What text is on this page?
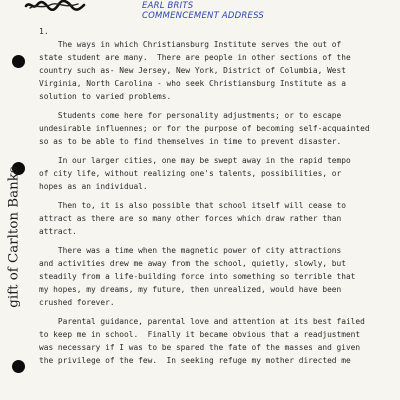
EARL BRITS
COMMENCEMENT ADDRESS
1.
gift of Carlton Banks
The ways in which Christiansburg Institute serves the out of
state student are many.  There are people in other sections of the
country such as- New Jersey, New York, District of Columbia, West
Virginia, North Carolina - who seek Christiansburg Institute as a
solution to varied problems.
Students come here for personality adjustments; or to escape
undesirable influennes; or for the purpose of becoming self-acquainted
so as to be able to find themselves in time to prevent disaster.
In our larger cities, one may be swept away in the rapid tempo
of city life, without realizing one's talents, possibilities, or
hopes as an individual.
Then to, it is also possible that school itself will cease to
attract as there are so many other forces which draw rather than
attract.
There was a time when the magnetic power of city attractions
and activities drew me away from the school, quietly, slowly, but
steadily from a life-building force into something so terrible that
my hopes, my dreams, my future, then unrealized, would have been
crushed forever.
Parental guidance, parental love and attention at its best failed
to keep me in school.  Finally it became obvious that a readjustment
was necessary if I was to be spared the fate of the masses and given
the privilege of the few.  In seeking refuge my mother directed me
